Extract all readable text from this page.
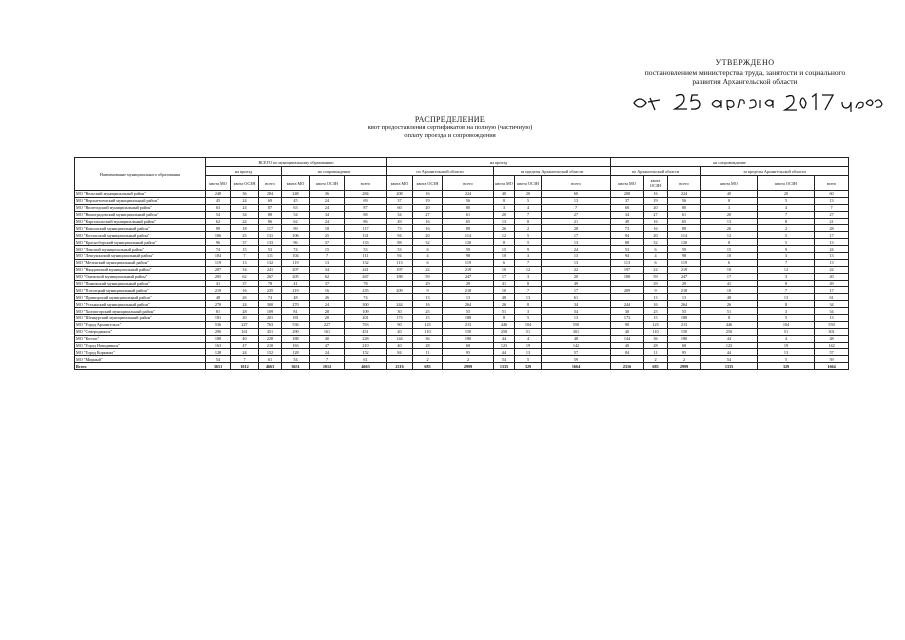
УТВЕРЖДЕНО
постановлением министерства труда, занятости и социального
развития Архангельской области
РАСПРЕДЕЛЕНИЕ
квот предоставления сертификатов на полную (частичную)
оплату проезда и сопровождения
Наименование муниципального образования	ВСЕГО по муниципальному образованию						на проезд						на сопровождение					
	на проезд			на сопровождение			по Архангельской области			за пределы Архангельской области			по Архангельской области			за пределы Архангельской области		
	квота МО	квота ОСЗН	всего	квота МО	квота ОСЗН	всего	квота МО	квота ОСЗН	всего	квота МО	квота ОСЗН	всего	квота МО	квота ОСЗН	всего	квота МО	квота ОСЗН	всего
МО "Вельский муниципальный район"	248	36	284	248	36	284	208	16	224	40	20	60	208	16	224	40	20	60
МО "Верхнетоемский муниципальный район"	45	24	69	45	24	69	37	19	56	8	5	13	37	19	56	8	5	13
МО "Вилегодский муниципальный район"	63	24	87	63	24	87	60	20	80	3	4	7	60	20	80	3	4	7
МО "Виноградовский муниципальный район"	54	34	88	54	34	88	34	27	61	20	7	27	34	27	61	20	7	27
МО "Каргопольский муниципальный район"	62	24	86	62	24	86	49	16	65	13	8	21	49	16	65	13	8	21
МО "Коношский муниципальный район"	99	18	117	99	18	117	73	16	89	26	2	28	73	16	89	26	2	28
МО "Котласский муниципальный район"	106	25	131	106	25	131	94	20	114	12	5	17	94	20	114	12	5	17
МО "Красноборский муниципальный район"	96	37	133	96	37	133	88	32	120	8	5	13	88	32	120	8	5	13
МО "Ленский муниципальный район"	74	15	53	74	15	53	53	6	59	15	9	24	53	6	59	15	9	24
МО "Лешуконский муниципальный район"	104	7	111	104	7	111	94	4	98	10	3	13	94	4	98	10	3	13
МО "Мезенский муниципальный район"	119	13	132	119	13	132	113	6	119	6	7	13	113	6	119	6	7	13
МО "Няндомский муниципальный район"	207	34	241	207	34	241	197	22	219	10	12	22	197	22	219	10	12	22
МО "Онежский муниципальный район"	205	62	267	205	62	267	188	59	247	17	3	20	188	59	247	17	3	20
МО "Пинежский муниципальный район"	41	37	78	41	37	78		29	29	41	8	49		29	29	41	8	49
МО "Плесецкий муниципальный район"	219	16	235	219	16	235	209	9	218	10	7	17	209	9	218	10	7	17
МО "Приморский муниципальный район"	48	26	74	48	26	74		13	13	48	13	61		13	13	48	13	61
МО "Устьянский муниципальный район"	270	24	300	270	24	300	244	16	264	26	8	34	244	16	264	26	8	34
МО "Холмогорский муниципальный район"	81	28	109	81	28	109	30	25	55	51	3	54	30	25	55	51	3	54
МО "Шенкурский муниципальный район"	181	20	201	181	20	201	173	15	188	8	5	13	173	15	188	8	5	13
МО "Город Архангельск"	536	227	763	536	227	763	90	123	213	446	104	550	90	123	213	446	104	550
МО "Северодвинск"	290	161	451	290	161	451	40	110	150	250	51	301	40	110	150	250	51	301
МО "Котлас"	188	40	228	188	40	228	144	36	180	44	4	48	144	36	180	44	4	48
МО "Город Новодвинск"	163	47	210	163	47	210	40	28	68	123	19	142	40	28	68	123	19	142
МО "Город Коряжма"	128	24	152	128	24	152	84	11	95	44	13	57	84	11	95	44	13	57
МО "Мирный"	54	7	61	54	7	61		2	2	54	5	59		2	2	54	5	59
Всего	3651	1012	4663	3651	1012	4663	2316	683	2999	1335	329	1664	2316	683	2999	1335	329	1664
